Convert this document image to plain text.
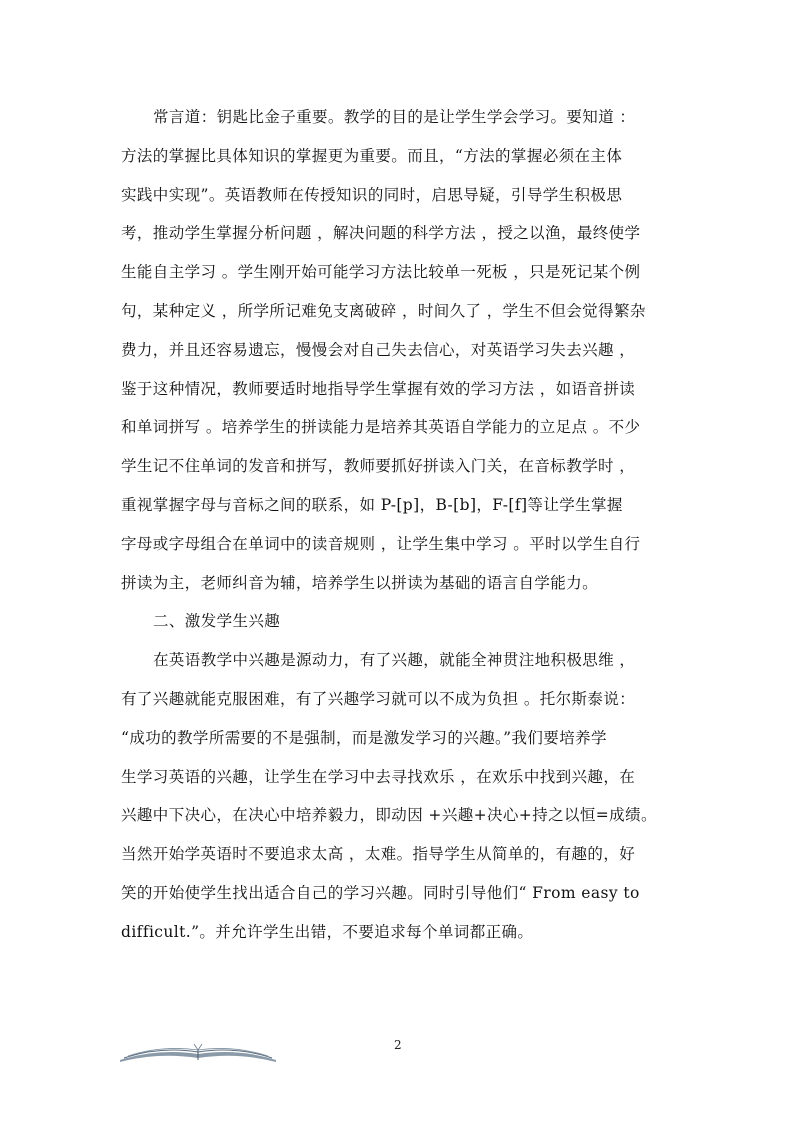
常言道：钥匙比金子重要。教学的目的是让学生学会学习。要知道 ：
方法的掌握比具体知识的掌握更为重要。而且，“方法的掌握必须在主体
实践中实现”。英语教师在传授知识的同时，启思导疑，引导学生积极思
考，推动学生掌握分析问题 ，解决问题的科学方法 ，授之以渔，最终使学
生能自主学习 。学生刚开始可能学习方法比较单一死板 ，只是死记某个例
句，某种定义 ，所学所记难免支离破碎 ，时间久了 ，学生不但会觉得繁杂
费力，并且还容易遗忘，慢慢会对自己失去信心，对英语学习失去兴趣 ，
鉴于这种情况，教师要适时地指导学生掌握有效的学习方法 ，如语音拼读
和单词拼写 。培养学生的拼读能力是培养其英语自学能力的立足点 。不少
学生记不住单词的发音和拼写，教师要抓好拼读入门关，在音标教学时 ，
重视掌握字母与音标之间的联系，如 P-[p]，B-[b]，F-[f]等让学生掌握
字母或字母组合在单词中的读音规则 ，让学生集中学习 。平时以学生自行
拼读为主，老师纠音为辅，培养学生以拼读为基础的语言自学能力。
二、激发学生兴趣
在英语教学中兴趣是源动力，有了兴趣，就能全神贯注地积极思维 ，
有了兴趣就能克服困难，有了兴趣学习就可以不成为负担 。托尔斯泰说：
“成功的教学所需要的不是强制，而是激发学习的兴趣。”我们要培养学
生学习英语的兴趣，让学生在学习中去寻找欢乐 ，在欢乐中找到兴趣，在
兴趣中下决心，在决心中培养毅力，即动因 +兴趣+决心+持之以恒=成绩。
当然开始学英语时不要追求太高 ，太难。指导学生从简单的，有趣的，好
笑的开始使学生找出适合自己的学习兴趣。同时引导他们“ From easy to
difficult.”。并允许学生出错，不要追求每个单词都正确。
2
